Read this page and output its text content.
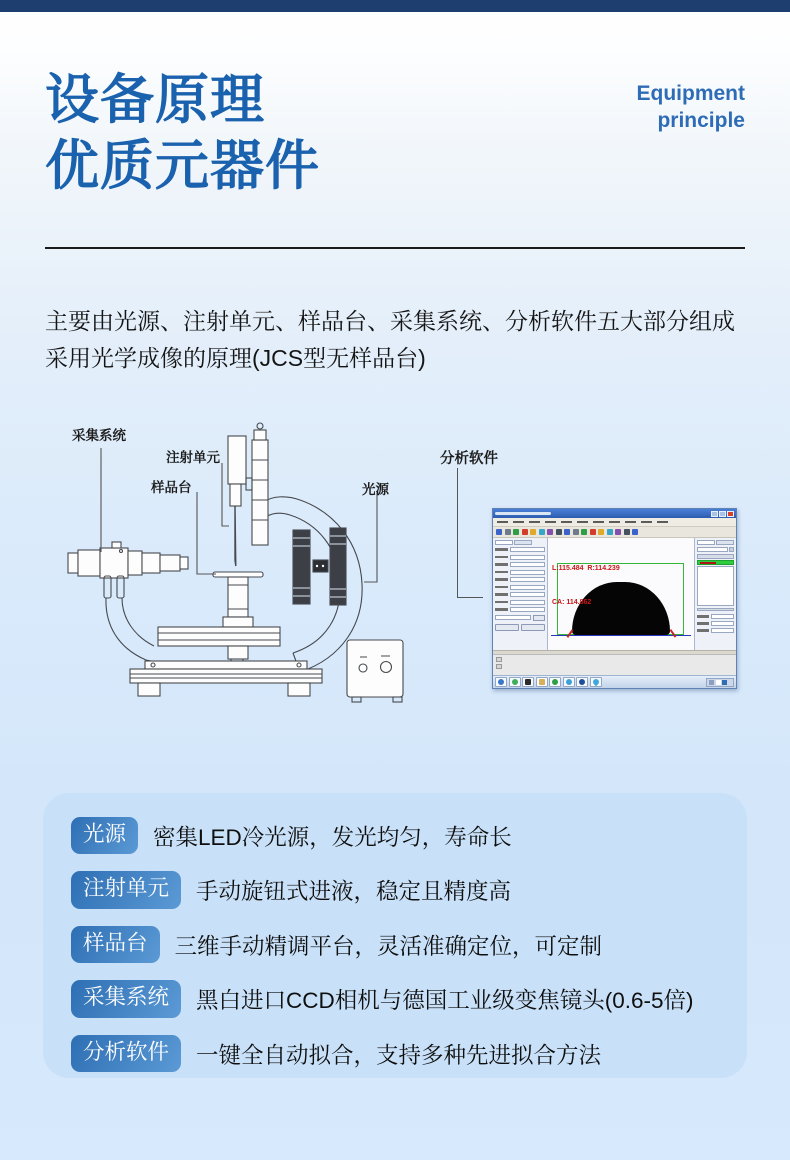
设备原理
优质元器件
Equipment
principle

主要由光源、注射单元、样品台、采集系统、分析软件五大部分组成采用光学成像的原理(JCS型无样品台)

采集系统
注射单元
样品台	光源
分析软件

L:115.484  R:114.239

CA: 114.862

光源	密集LED冷光源，发光均匀，寿命长
注射单元	手动旋钮式进液，稳定且精度高
样品台	三维手动精调平台，灵活准确定位，可定制
采集系统	黑白进口CCD相机与德国工业级变焦镜头(0.6-5倍)
分析软件	一键全自动拟合，支持多种先进拟合方法
